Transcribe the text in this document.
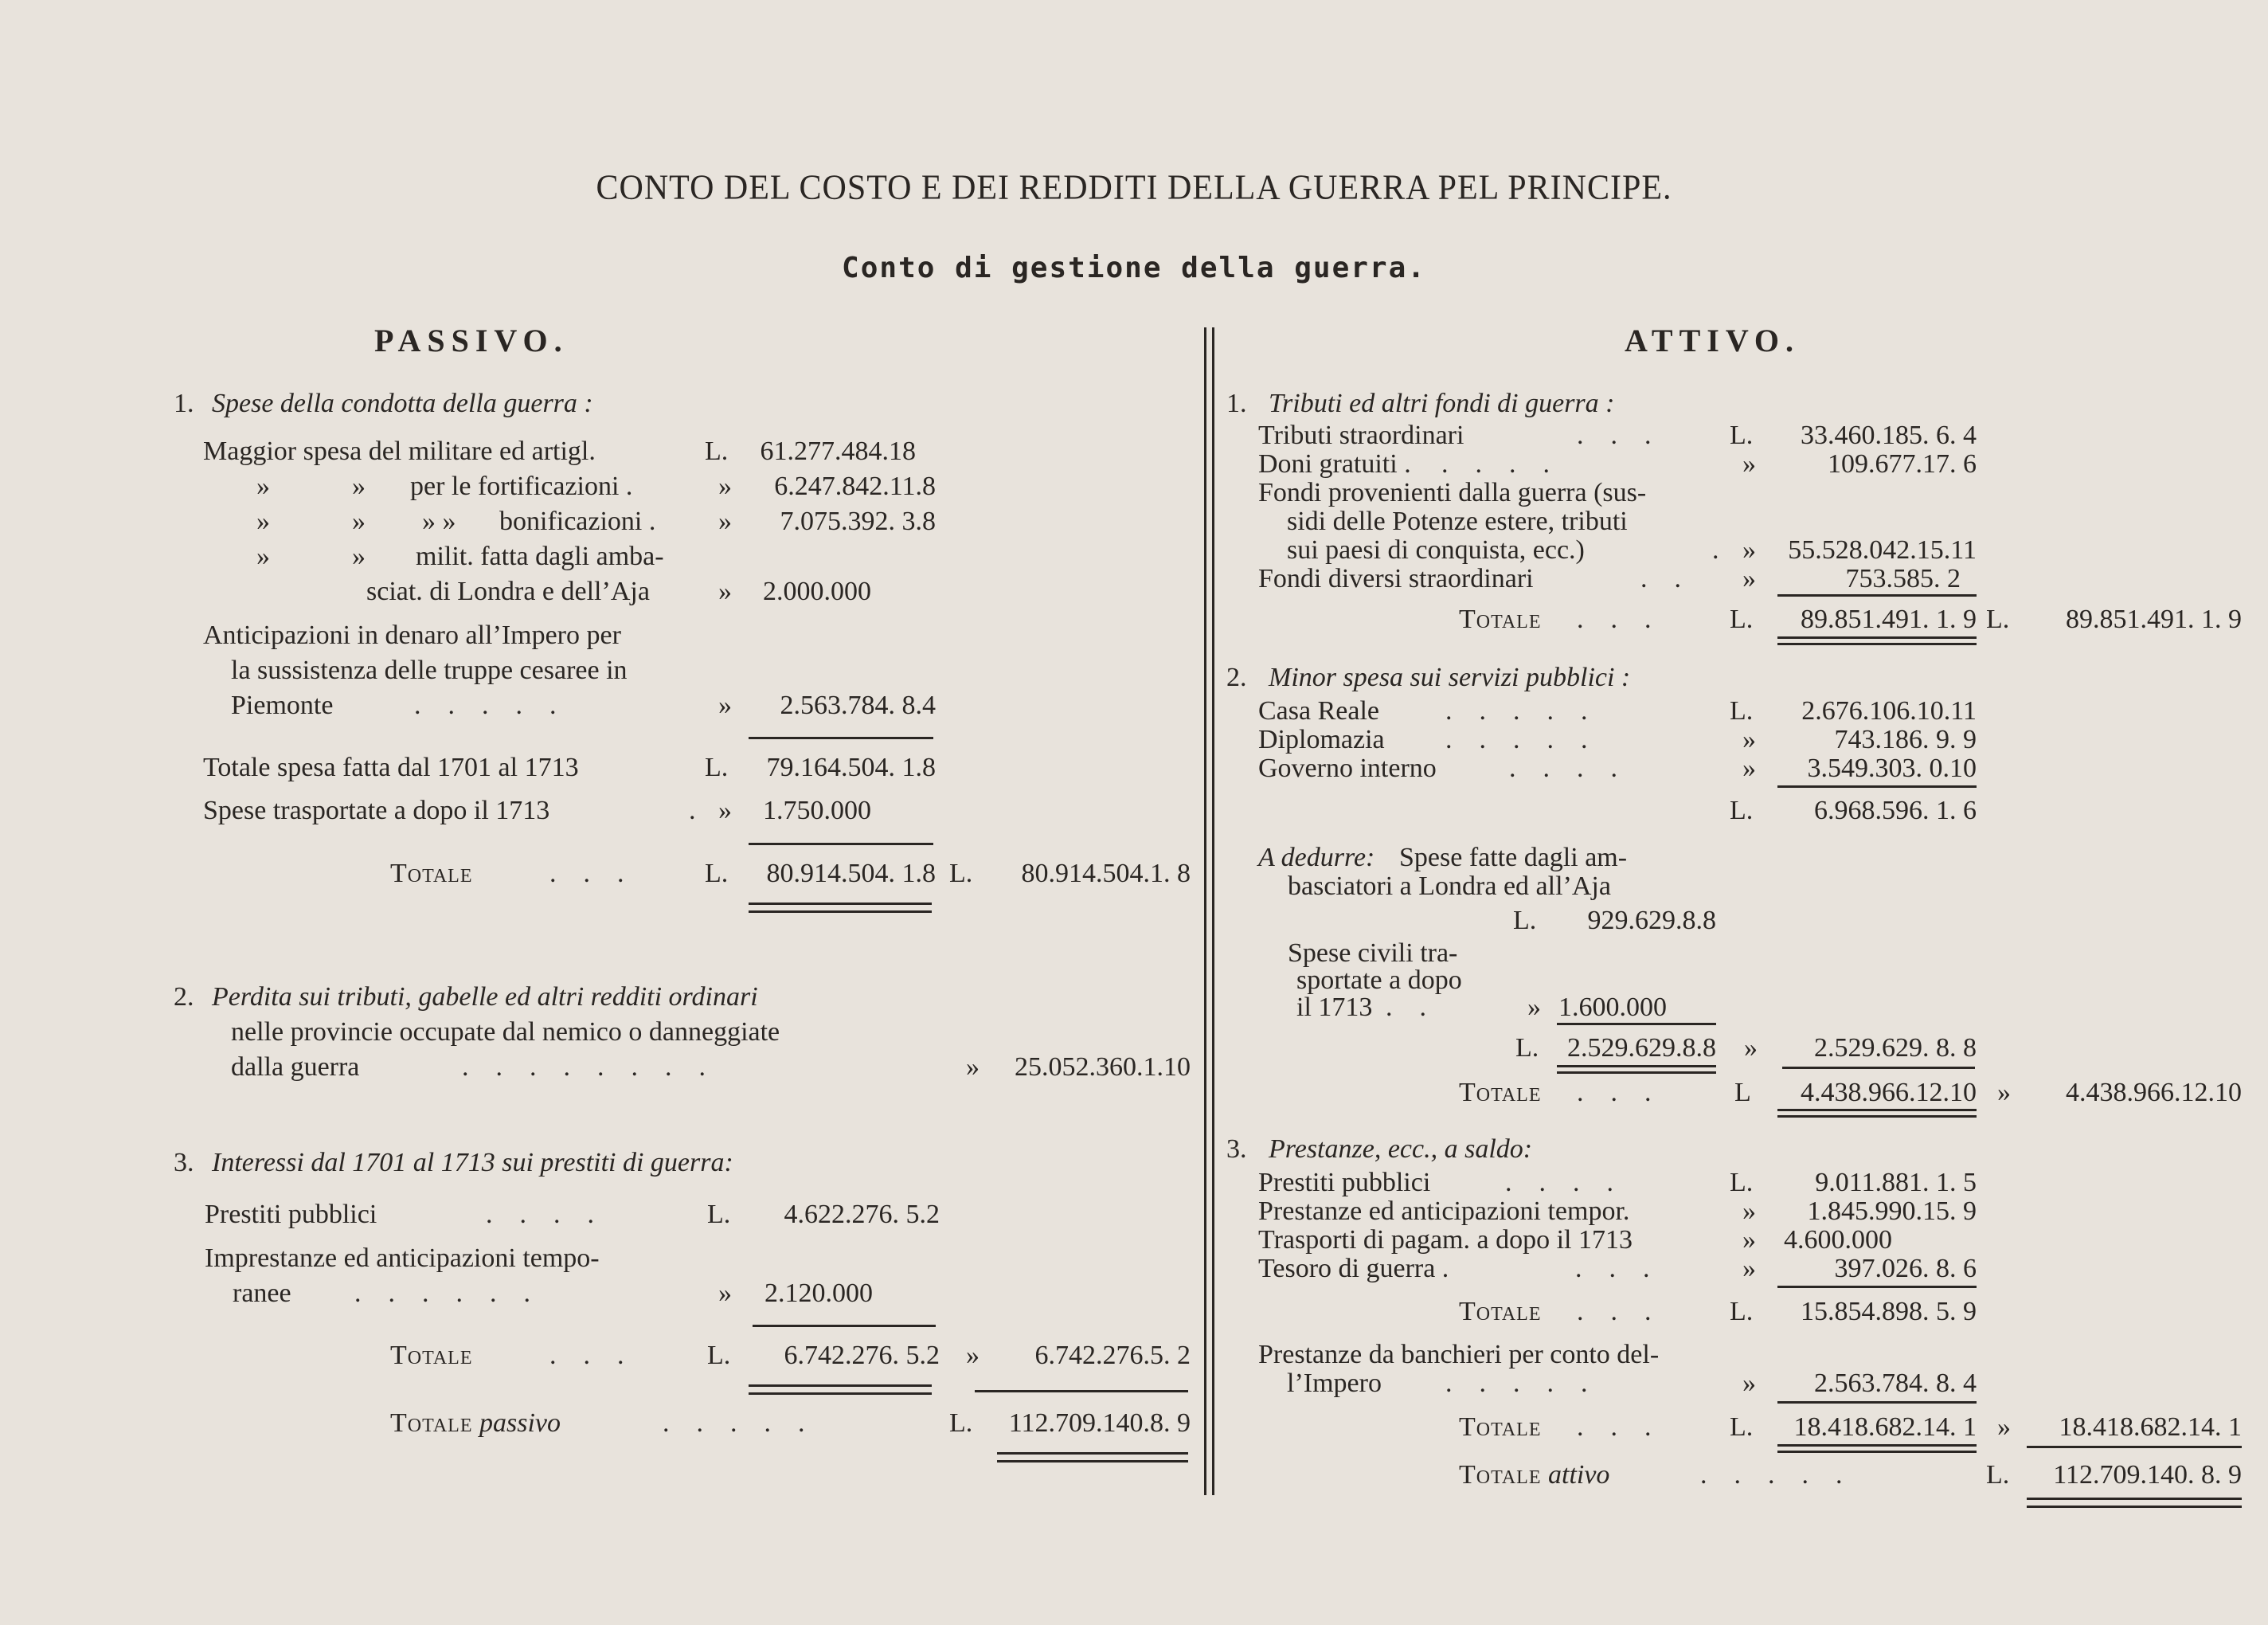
CONTO DEL COSTO E DEI REDDITI DELLA GUERRA PEL PRINCIPE.
Conto di gestione della guerra.
PASSIVO.	ATTIVO.
1. Spese della condotta della guerra :
Maggior spesa del militare ed artigl.	L.	61.277.484.18
»	» per le fortificazioni .	»	6.247.842.11.8
»	» » » bonificazioni . »	7.075.392. 3.8
»	» milit. fatta dagli amba-
sciat. di Londra e dell’Aja	» 2.000.000
Anticipazioni in denaro all’Impero per
la sussistenza delle truppe cesaree in
Piemonte	.    .    .    .    .	»	2.563.784. 8.4
Totale spesa fatta dal 1701 al 1713	L.	79.164.504. 1.8
Spese trasportate a dopo il 1713	. » 1.750.000
Totale	.    .    .	L.	80.914.504. 1.8 L.	80.914.504.1. 8
2. Perdita sui tributi, gabelle ed altri redditi ordinari
nelle provincie occupate dal nemico o danneggiate
dalla guerra	.    .    .    .    .    .    .    .	»	25.052.360.1.10
3. Interessi dal 1701 al 1713 sui prestiti di guerra:
Prestiti pubblici	.    .    .    .	L.	4.622.276. 5.2
Imprestanze ed anticipazioni tempo-
ranee .    .    .    .    .    .	» 2.120.000
Totale	.    .    .	L.	6.742.276. 5.2 »	6.742.276.5. 2
Totale passivo	.    .    .    .    .	L.	112.709.140.8. 9
1. Tributi ed altri fondi di guerra :
Tributi straordinari	.    .    .	L.	33.460.185. 6. 4
Doni gratuiti . .    .    .    .	»	109.677.17. 6
Fondi provenienti dalla guerra (sus-
sidi delle Potenze estere, tributi
sui paesi di conquista, ecc.)	. »	55.528.042.15.11
Fondi diversi straordinari	.    . »	753.585. 2
Totale .    .    .	L.	89.851.491. 1. 9 L.	89.851.491. 1. 9
2. Minor spesa sui servizi pubblici :
Casa Reale .    .    .    .    .	L.	2.676.106.10.11
Diplomazia .    .    .    .    .	»	743.186. 9. 9
Governo interno	.    .    .    .	»	3.549.303. 0.10
L.	6.968.596. 1. 6
A dedurre: Spese fatte dagli am-
basciatori a Londra ed all’Aja
L.	929.629.8.8
Spese civili tra-
sportate a dopo
il 1713 .    .	» 1.600.000
L.	2.529.629.8.8 »	2.529.629. 8. 8
Totale .    .    .	L	4.438.966.12.10 »	4.438.966.12.10
3. Prestanze, ecc., a saldo:
Prestiti pubblici	.    .    .    .	L.	9.011.881. 1. 5
Prestanze ed anticipazioni tempor.	»	1.845.990.15. 9
Trasporti di pagam. a dopo il 1713	» 4.600.000
Tesoro di guerra .	.    .    .	»	397.026. 8. 6
Totale .    .    .	L.	15.854.898. 5. 9
Prestanze da banchieri per conto del-
l’Impero .    .    .    .    .	»	2.563.784. 8. 4
Totale .    .    .	L.	18.418.682.14. 1 »	18.418.682.14. 1
Totale attivo	.    .    .    .    .	L.	112.709.140. 8. 9
